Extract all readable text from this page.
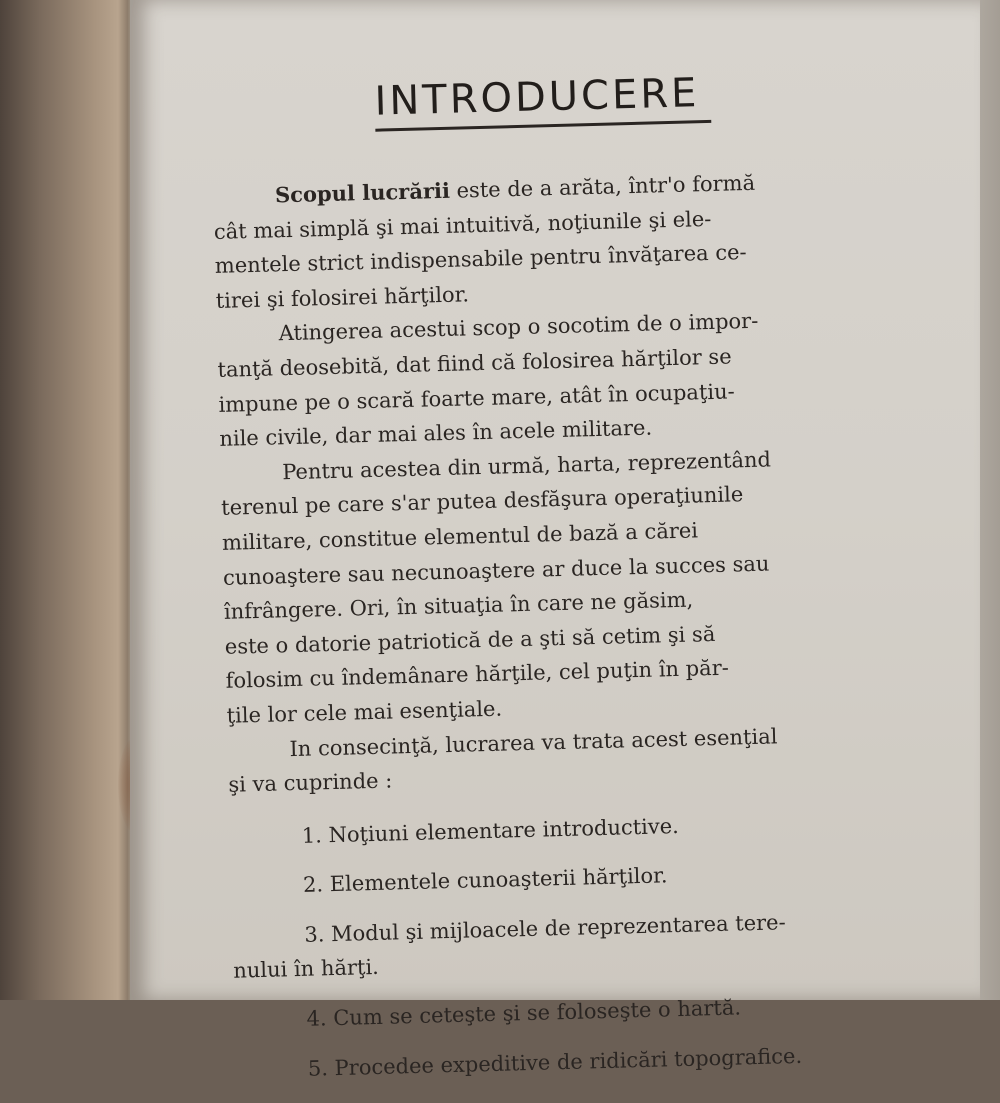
INTRODUCERE

Scopul lucrării este de a arăta, într'o formă
cât mai simplă şi mai intuitivă, noţiunile şi ele-
mentele strict indispensabile pentru învăţarea ce-
tirei şi folosirei hărţilor.

Atingerea acestui scop o socotim de o impor-
tanţă deosebită, dat fiind că folosirea hărţilor se
impune pe o scară foarte mare, atât în ocupaţiu-
nile civile, dar mai ales în acele militare.

Pentru acestea din urmă, harta, reprezentând
terenul pe care s'ar putea desfăşura operaţiunile
militare, constitue elementul de bază a cărei
cunoaştere sau necunoaştere ar duce la succes sau
înfrângere. Ori, în situaţia în care ne găsim,
este o datorie patriotică de a şti să cetim şi să
folosim cu îndemânare hărţile, cel puţin în păr-
ţile lor cele mai esenţiale.

In consecinţă, lucrarea va trata acest esenţial
şi va cuprinde :

1. Noţiuni elementare introductive.
2. Elementele cunoaşterii hărţilor.
3. Modul şi mijloacele de reprezentarea tere-
nului în hărţi.
4. Cum se ceteşte şi se foloseşte o hartă.
5. Procedee expeditive de ridicări topografice.
